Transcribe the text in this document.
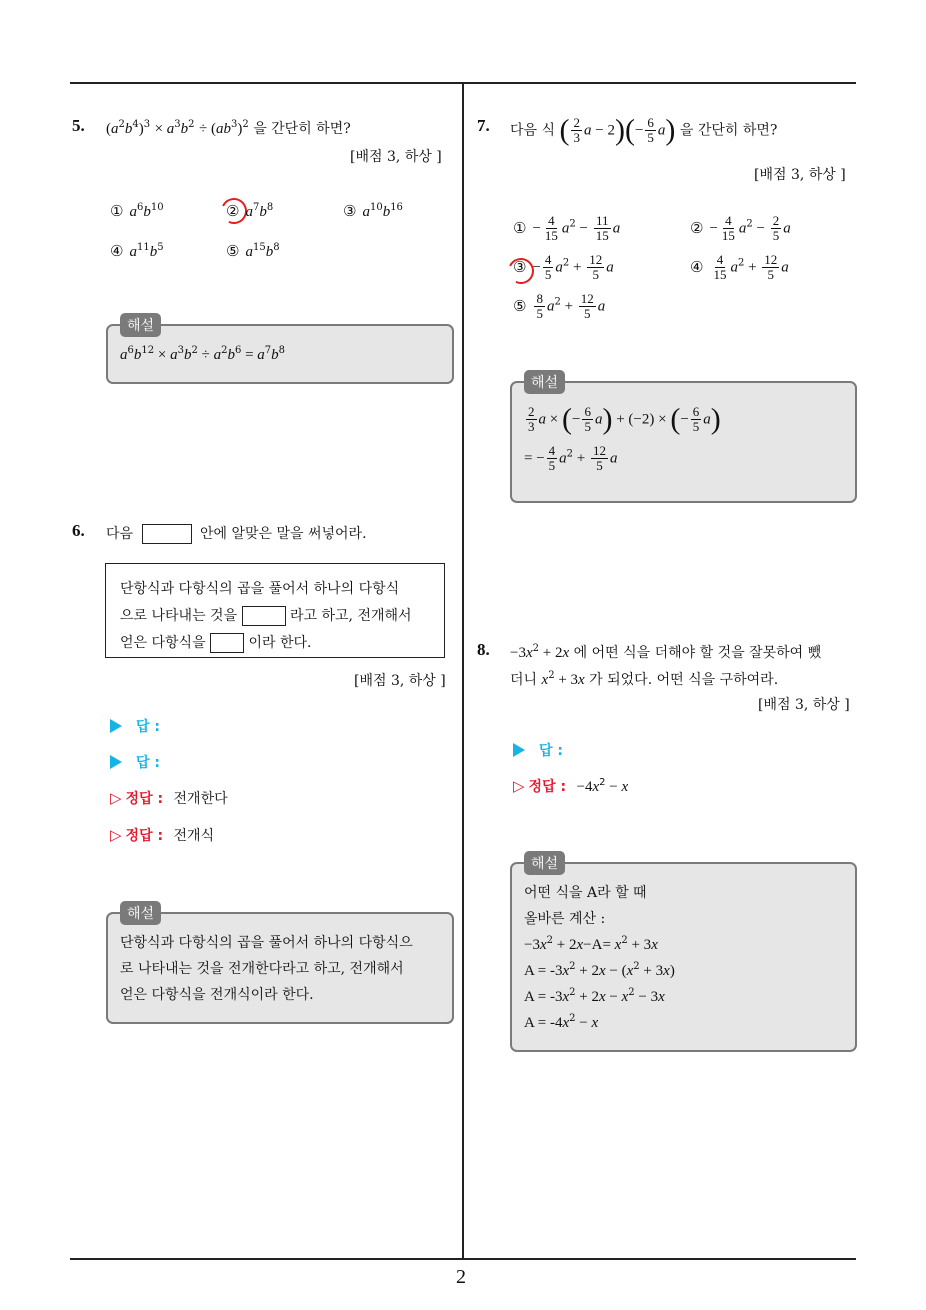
2
5. $(a^2b^4)^3 \times a^3b^2 \div (ab^3)^2$ 을 간단히 하면?
[배점 3, 하상 ]
① $a^6b^{10}$	② $a^7b^8$	③ $a^{10}b^{16}$
④ $a^{11}b^5$	⑤ $a^{15}b^8$
해설
$a^6b^{12} \times a^3b^2 \div a^2b^6 = a^7b^8$
6. 다음	안에 알맞은 말을 써넣어라.
단항식과 다항식의 곱을 풀어서 하나의 다항식
으로 나타내는 것을	라고 하고, 전개해서
얻은 다항식을	이라 한다.
[배점 3, 하상 ]
답 :
답 :
▷ 정답 : 전개한다
▷ 정답 : 전개식
해설
단항식과 다항식의 곱을 풀어서 하나의 다항식으
로 나타내는 것을 전개한다라고 하고, 전개해서
얻은 다항식을 전개식이라 한다.
7. 다음 식 ( $\frac{2}{3}$ $a - 2)(- \frac{6}{5} a)$ 을 간단히 하면?
[배점 3, 하상 ]
① − $\frac{4}{15} a^2 - \frac{11}{15}$ a	② − $\frac{4}{15} a^2 - \frac{2}{5}$ a
③ − $\frac{4}{5} a^2 + \frac{12}{5}$ a	④ $\frac{4}{15} a^2 + \frac{12}{5}$ a
⑤ $\frac{8}{5} a^2 + \frac{12}{5}$ a
해설
$\frac{2}{3}$ a × (− $\frac{6}{5} a) + (-2)$ × (− $\frac{6}{5} a$)
= − $\frac{4}{5} a^2 + \frac{12}{5}$ a
8. $-3x^2 + 2x$ 에 어떤 식을 더해야 할 것을 잘못하여 뺐
더니 $x^2 + 3x$ 가 되었다. 어떤 식을 구하여라.
[배점 3, 하상 ]
답 :
▷ 정답 : $-4x^2 - x$
해설
어떤 식을 A라 할 때
올바른 계산 :
$-3x^2 + 2x-A= x^2 + 3x$
$A = -3x^2 + 2x - (x^2 + 3x)$
$A = -3x^2 + 2x - x^2 - 3x$
$A = -4x^2 - x$
